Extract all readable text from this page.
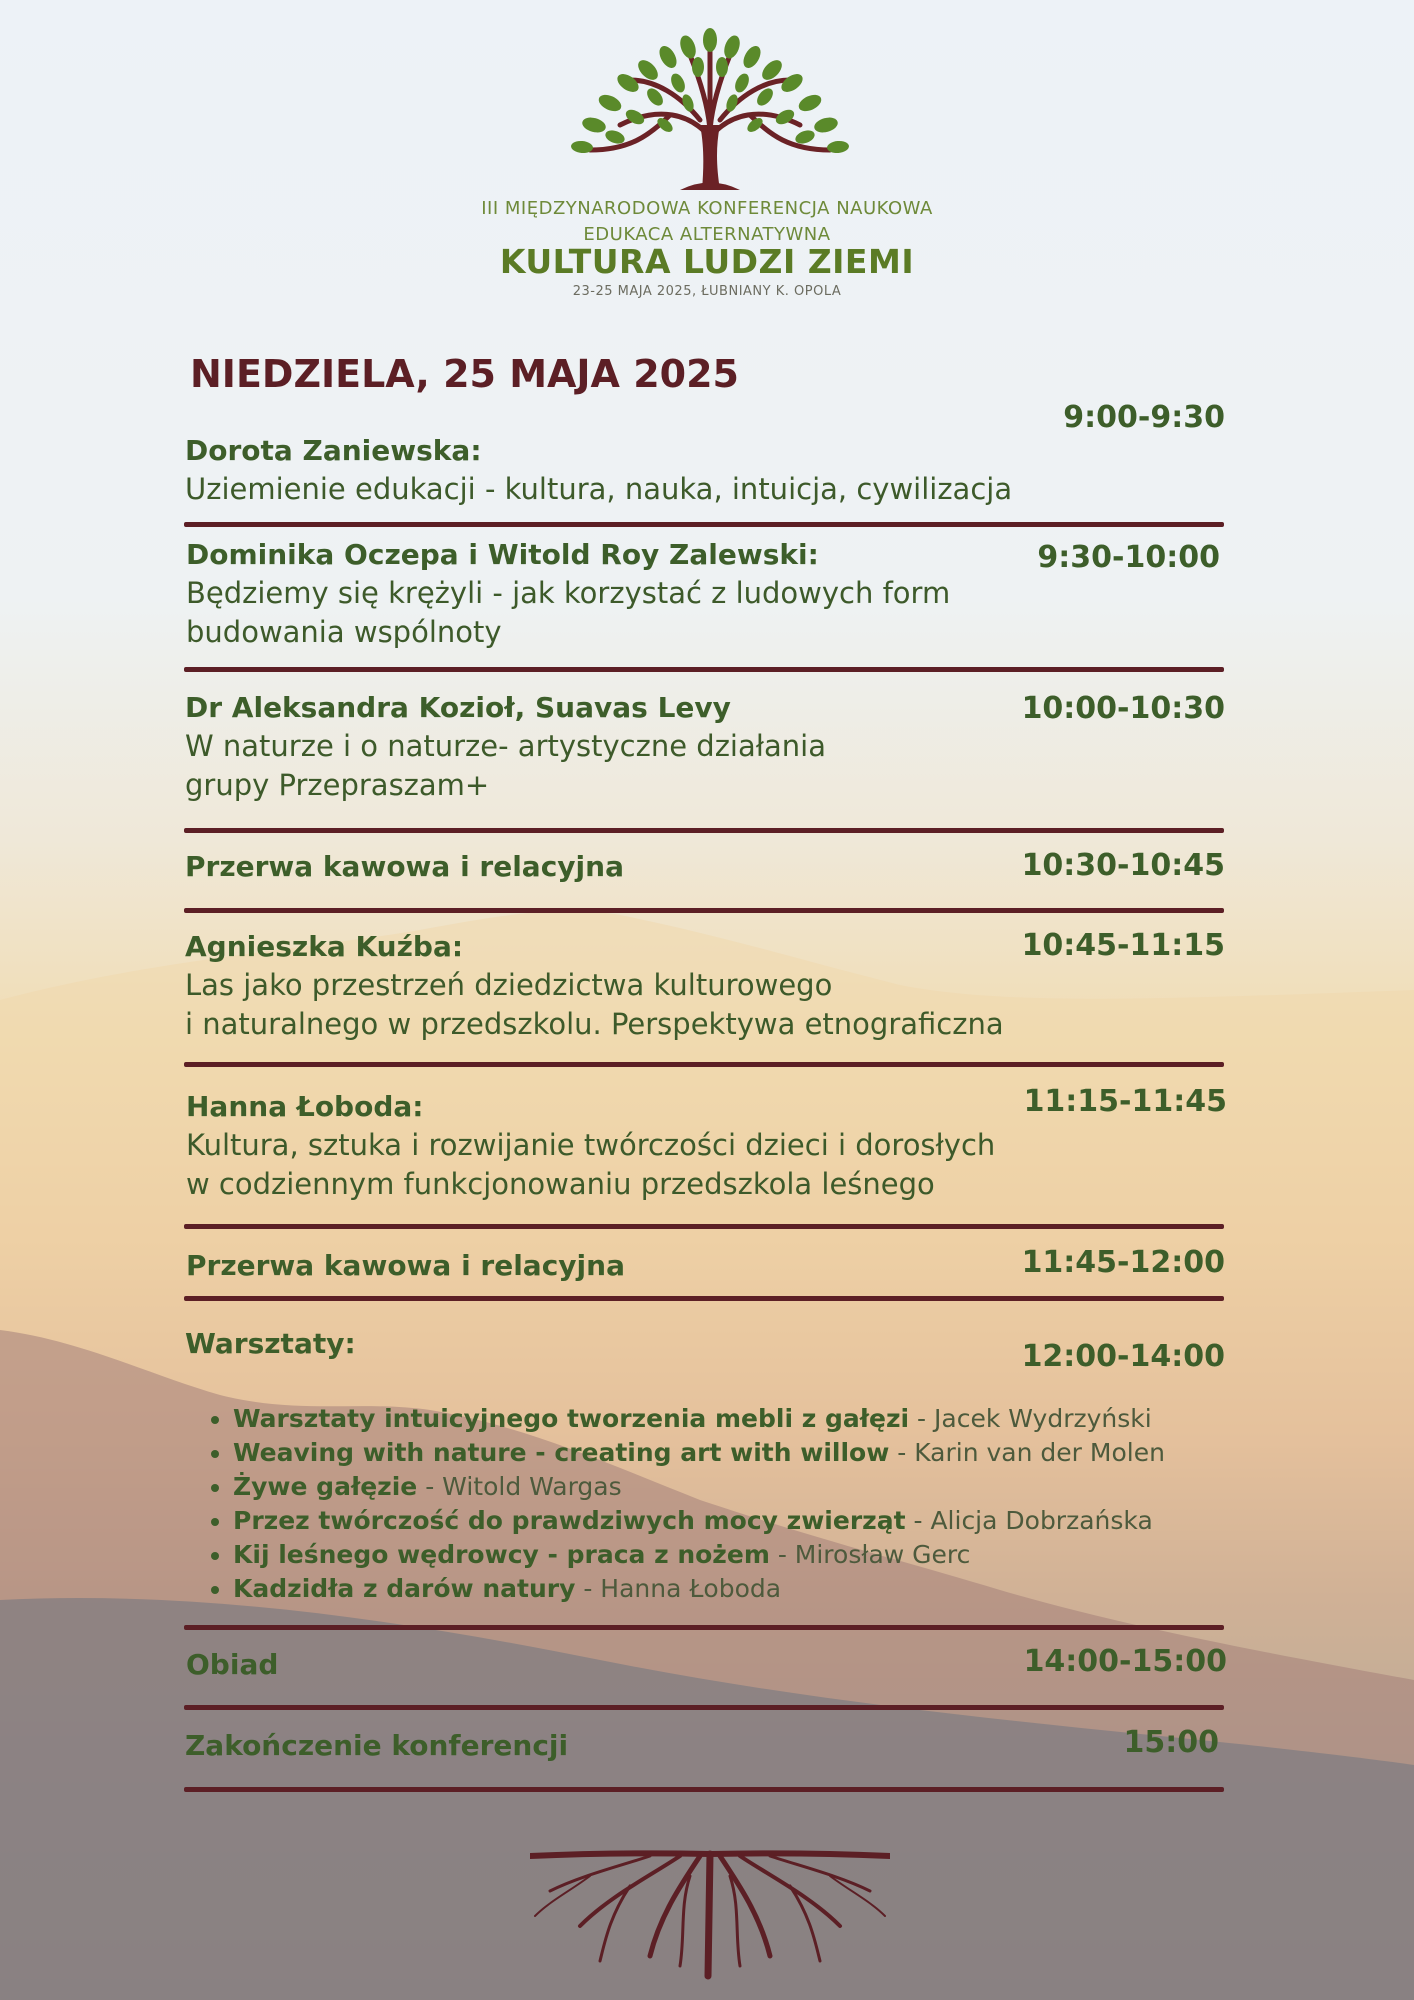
III MIĘDZYNARODOWA KONFERENCJA NAUKOWA
EDUKACA ALTERNATYWNA
KULTURA LUDZI ZIEMI
23-25 MAJA 2025, ŁUBNIANY K. OPOLA
NIEDZIELA, 25 MAJA 2025
9:00-9:30
Dorota Zaniewska:
Uziemienie edukacji - kultura, nauka, intuicja, cywilizacja
9:30-10:00
Dominika Oczepa i Witold Roy Zalewski:
Będziemy się krężyli - jak korzystać z ludowych form
budowania wspólnoty
10:00-10:30
Dr Aleksandra Kozioł, Suavas Levy
W naturze i o naturze- artystyczne działania
grupy Przepraszam+
10:30-10:45
Przerwa kawowa i relacyjna
10:45-11:15
Agnieszka Kuźba:
Las jako przestrzeń dziedzictwa kulturowego
i naturalnego w przedszkolu. Perspektywa etnograficzna
11:15-11:45
Hanna Łoboda:
Kultura, sztuka i rozwijanie twórczości dzieci i dorosłych
w codziennym funkcjonowaniu przedszkola leśnego
11:45-12:00
Przerwa kawowa i relacyjna
12:00-14:00
Warsztaty:
• Warsztaty intuicyjnego tworzenia mebli z gałęzi - Jacek Wydrzyński
• Weaving with nature - creating art with willow - Karin van der Molen
• Żywe gałęzie - Witold Wargas
• Przez twórczość do prawdziwych mocy zwierząt - Alicja Dobrzańska
• Kij leśnego wędrowcy - praca z nożem - Mirosław Gerc
• Kadzidła z darów natury - Hanna Łoboda
14:00-15:00
Obiad
15:00
Zakończenie konferencji
